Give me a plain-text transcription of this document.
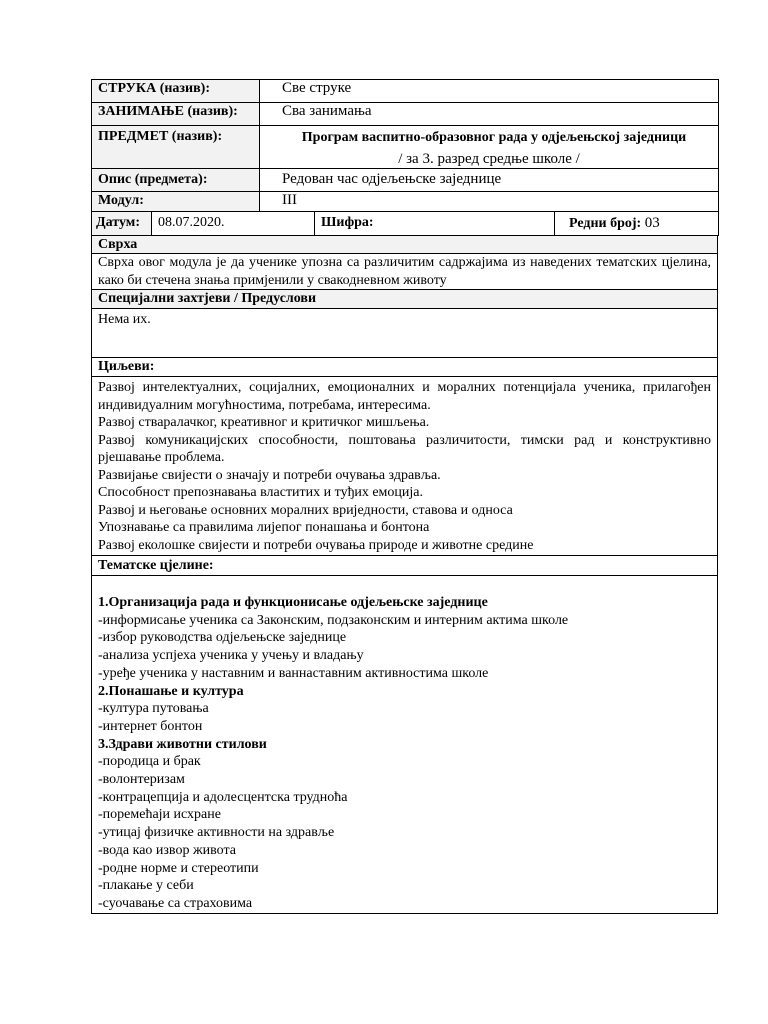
СТРУКА (назив):	Све струке
ЗАНИМАЊЕ (назив):	Сва занимања
ПРЕДМЕТ (назив):	Програм васпитно-образовног рада у одјељењској заједници
/ за 3. разред средње школе /

Опис (предмета):	Редован час одјељењске заједнице
Модул:	III
Датум:	08.07.2020.	Шифра:	Редни број: 03
Сврха
Сврха овог модула је да ученике упозна са различитим садржајима из наведених тематских цјелина, како би стечена знања примјенили у свакодневном животу
Специјални захтјеви / Предуслови
Нема их.
Циљеви:

Развој интелектуалних, социјалних, емоционалних и моралних потенцијала ученика, прилагођен индивидуалним могућностима, потребама, интересима.
Развој стваралачког, креативног и критичког мишљења.
Развој комуникацијских способности, поштовања различитости, тимски рад и конструктивно рјешавање проблема.
Развијање свијести о значају и потреби очувања здравља.
Способност препознавања властитих и туђих емоција.
Развој и његовање основних моралних вриједности, ставова и односа
Упознавање са правилима лијепог понашања и бонтона
Развој еколошке свијести и потреби очувања природе и животне средине

Тематске цјелине:

1.Организација рада и функционисање одјељењске заједнице
-информисање ученика са Законским, подзаконским и интерним актима школе
-избор руководства одјељењске заједнице
-анализа успјеха ученика у учењу и владању
-уређе ученика у наставним и ваннаставним активностима школе
2.Понашање и култура
-култура путовања
-интернет бонтон
3.Здрави животни стилови
-породица и брак
-волонтеризам
-контрацепција и адолесцентска трудноћа
-поремећаји исхране
-утицај физичке активности на здравље
-вода као извор живота
-родне норме и стереотипи
-плакање у себи
-суочавање са страховима
